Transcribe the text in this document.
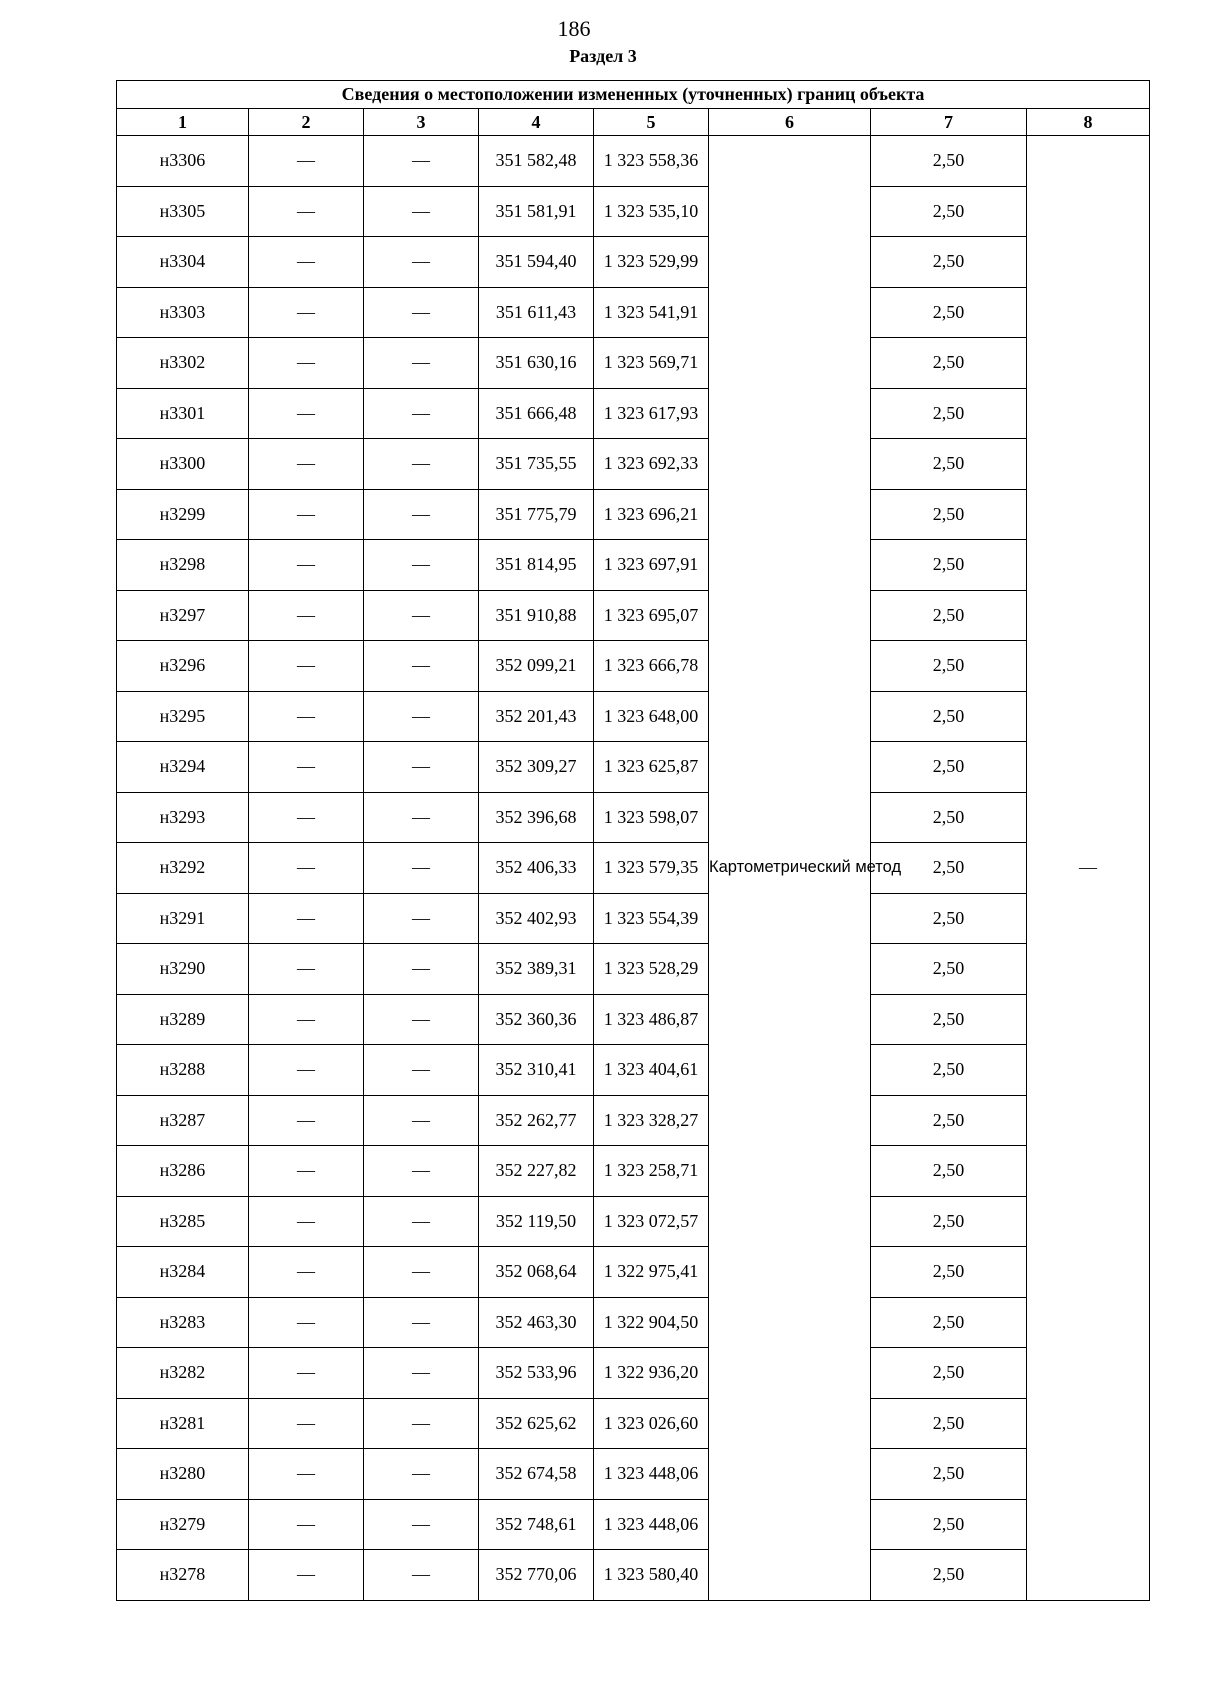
186
Раздел 3
Сведения о местоположении измененных (уточненных) границ объекта							
1	2	3	4	5	6	7	8
н3306	—	—	351 582,48	1 323 558,36	Картометрический метод	2,50	—
н3305	—	—	351 581,91	1 323 535,10		2,50	
н3304	—	—	351 594,40	1 323 529,99		2,50	
н3303	—	—	351 611,43	1 323 541,91		2,50	
н3302	—	—	351 630,16	1 323 569,71		2,50	
н3301	—	—	351 666,48	1 323 617,93		2,50	
н3300	—	—	351 735,55	1 323 692,33		2,50	
н3299	—	—	351 775,79	1 323 696,21		2,50	
н3298	—	—	351 814,95	1 323 697,91		2,50	
н3297	—	—	351 910,88	1 323 695,07		2,50	
н3296	—	—	352 099,21	1 323 666,78		2,50	
н3295	—	—	352 201,43	1 323 648,00		2,50	
н3294	—	—	352 309,27	1 323 625,87		2,50	
н3293	—	—	352 396,68	1 323 598,07		2,50	
н3292	—	—	352 406,33	1 323 579,35		2,50	
н3291	—	—	352 402,93	1 323 554,39		2,50	
н3290	—	—	352 389,31	1 323 528,29		2,50	
н3289	—	—	352 360,36	1 323 486,87		2,50	
н3288	—	—	352 310,41	1 323 404,61		2,50	
н3287	—	—	352 262,77	1 323 328,27		2,50	
н3286	—	—	352 227,82	1 323 258,71		2,50	
н3285	—	—	352 119,50	1 323 072,57		2,50	
н3284	—	—	352 068,64	1 322 975,41		2,50	
н3283	—	—	352 463,30	1 322 904,50		2,50	
н3282	—	—	352 533,96	1 322 936,20		2,50	
н3281	—	—	352 625,62	1 323 026,60		2,50	
н3280	—	—	352 674,58	1 323 448,06		2,50	
н3279	—	—	352 748,61	1 323 448,06		2,50	
н3278	—	—	352 770,06	1 323 580,40		2,50	
